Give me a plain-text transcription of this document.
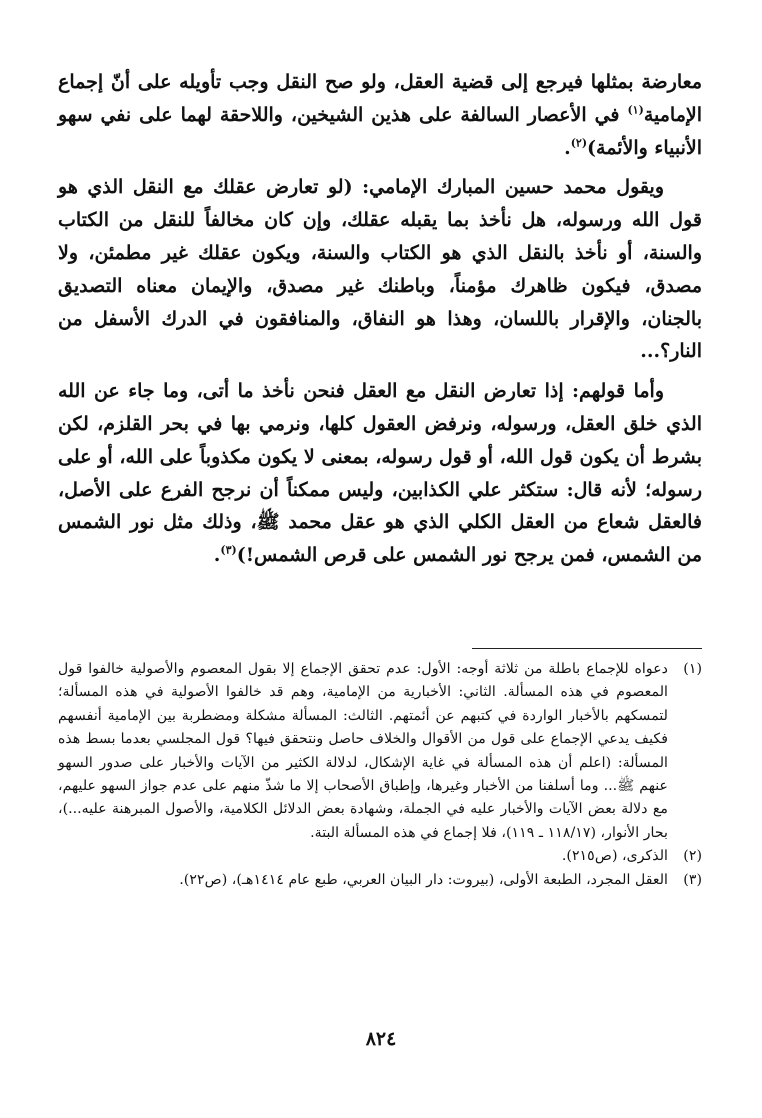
معارضة بمثلها فيرجع إلى قضية العقل، ولو صح النقل وجب تأويله على أنّ إجماع الإمامية$^{(١)}$ في الأعصار السالفة على هذين الشيخين، واللاحقة لهما على نفي سهو الأنبياء والأئمة)$^{(٢)}$.

ويقول محمد حسين المبارك الإمامي: (لو تعارض عقلك مع النقل الذي هو قول الله ورسوله، هل نأخذ بما يقبله عقلك، وإن كان مخالفاً للنقل من الكتاب والسنة، أو نأخذ بالنقل الذي هو الكتاب والسنة، ويكون عقلك غير مطمئن، ولا مصدق، فيكون ظاهرك مؤمناً، وباطنك غير مصدق، والإيمان معناه التصديق بالجنان، والإقرار باللسان، وهذا هو النفاق، والمنافقون في الدرك الأسفل من النار؟...

وأما قولهم: إذا تعارض النقل مع العقل فنحن نأخذ ما أتى، وما جاء عن الله الذي خلق العقل، ورسوله، ونرفض العقول كلها، ونرمي بها في بحر القلزم، لكن بشرط أن يكون قول الله، أو قول رسوله، بمعنى لا يكون مكذوباً على الله، أو على رسوله؛ لأنه قال: ستكثر علي الكذابين، وليس ممكناً أن نرجح الفرع على الأصل، فالعقل شعاع من العقل الكلي الذي هو عقل محمد ﷺ، وذلك مثل نور الشمس من الشمس، فمن يرجح نور الشمس على قرص الشمس!)$^{(٣)}$.

(١)
دعواه للإجماع باطلة من ثلاثة أوجه: الأول: عدم تحقق الإجماع إلا بقول المعصوم والأصولية خالفوا قول المعصوم في هذه المسألة. الثاني: الأخبارية من الإمامية، وهم قد خالفوا الأصولية في هذه المسألة؛ لتمسكهم بالأخبار الواردة في كتبهم عن أئمتهم. الثالث: المسألة مشكلة ومضطربة بين الإمامية أنفسهم فكيف يدعي الإجماع على قول من الأقوال والخلاف حاصل ونتحقق فيها؟ قول المجلسي بعدما بسط هذه المسألة: (اعلم أن هذه المسألة في غاية الإشكال، لدلالة الكثير من الآيات والأخبار على صدور السهو عنهم ﷺ... وما أسلفنا من الأخبار وغيرها، وإطباق الأصحاب إلا ما شذّ منهم على عدم جواز السهو عليهم، مع دلالة بعض الآيات والأخبار عليه في الجملة، وشهادة بعض الدلائل الكلامية، والأصول المبرهنة عليه...)، بحار الأنوار، (١١٨/١٧ ـ ١١٩)، فلا إجماع في هذه المسألة البتة.
(٢)
الذكرى، (ص٢١٥).
(٣)
العقل المجرد، الطبعة الأولى، (بيروت: دار البيان العربي، طبع عام ١٤١٤هـ)، (ص٢٢).
٨٢٤
